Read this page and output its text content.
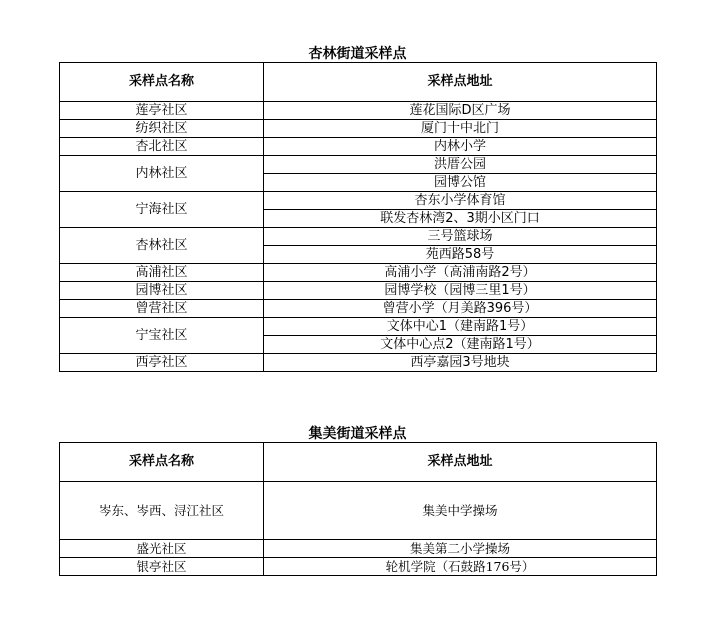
杏林街道采样点
采样点名称	采样点地址
莲亭社区	莲花国际D区广场
纺织社区	厦门十中北门
杏北社区	内林小学
内林社区	洪厝公园
	园博公馆
宁海社区	杏东小学体育馆
	联发杏林湾2、3期小区门口
杏林社区	三号篮球场
	苑西路58号
高浦社区	高浦小学（高浦南路2号）
园博社区	园博学校（园博三里1号）
曾营社区	曾营小学（月美路396号）
宁宝社区	文体中心1（建南路1号）
	文体中心点2（建南路1号）
西亭社区	西亭嘉园3号地块
集美街道采样点
采样点名称	采样点地址
岑东、岑西、浔江社区	集美中学操场
盛光社区	集美第二小学操场
银亭社区	轮机学院（石鼓路176号）
